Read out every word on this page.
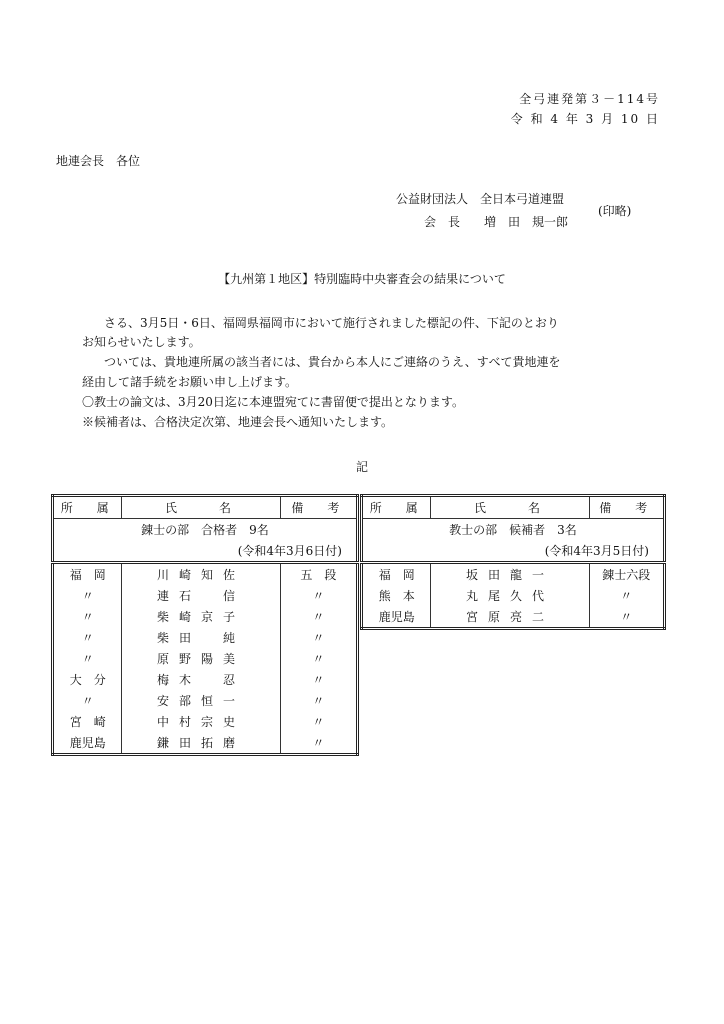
全弓連発第３－114号
令 和 4 年 3 月 10 日
地連会長　各位
公益財団法人　全日本弓道連盟
会　長　　増　田　規一郎
(印略)
【九州第１地区】特別臨時中央審査会の結果について
さる、3月5日・6日、福岡県福岡市において施行されました標記の件、下記のとおり
お知らせいたします。
ついては、貴地連所属の該当者には、貴台から本人にご連絡のうえ、すべて貴地連を
経由して諸手続をお願い申し上げます。
〇教士の論文は、3月20日迄に本連盟宛てに書留便で提出となります。
※候補者は、合格決定次第、地連会長へ通知いたします。
記
所　属	氏　　名	備　考
錬士の部　合格者　9名		
(令和4年3月6日付)		
福　岡	川崎知佐	五　段
〃	連石　信	〃
〃	柴崎京子	〃
〃	柴田　純	〃
〃	原野陽美	〃
大　分	梅木　忍	〃
〃	安部恒一	〃
宮　崎	中村宗史	〃
鹿児島	鎌田拓磨	〃
所　属	氏　　名	備　考
教士の部　候補者　3名		
(令和4年3月5日付)		
福　岡	坂田龍一	錬士六段
熊　本	丸尾久代	〃
鹿児島	宮原亮二	〃
